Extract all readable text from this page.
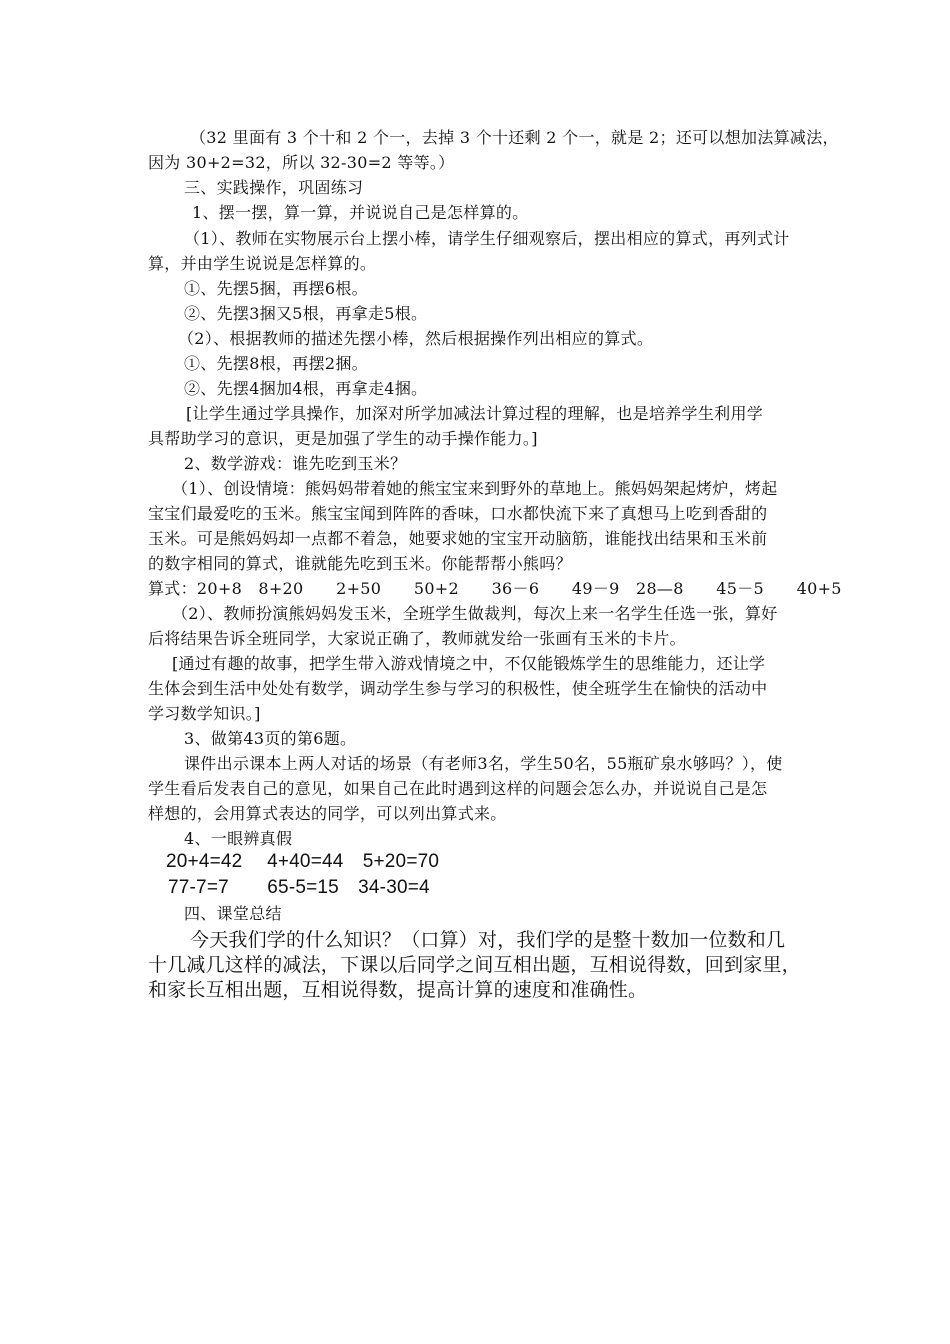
（32 里面有 3 个十和 2 个一，去掉 3 个十还剩 2 个一，就是 2；还可以想加法算减法，
因为 30+2=32，所以 32-30=2 等等。）
三、实践操作，巩固练习
1、摆一摆，算一算，并说说自己是怎样算的。
（1）、教师在实物展示台上摆小棒，请学生仔细观察后，摆出相应的算式，再列式计
算，并由学生说说是怎样算的。
①、先摆5捆，再摆6根。
②、先摆3捆又5根，再拿走5根。
（2）、根据教师的描述先摆小棒，然后根据操作列出相应的算式。
①、先摆8根，再摆2捆。
②、先摆4捆加4根，再拿走4捆。
[让学生通过学具操作，加深对所学加减法计算过程的理解，也是培养学生利用学
具帮助学习的意识，更是加强了学生的动手操作能力。]
2、数学游戏：谁先吃到玉米？
（1）、创设情境：熊妈妈带着她的熊宝宝来到野外的草地上。熊妈妈架起烤炉，烤起
宝宝们最爱吃的玉米。熊宝宝闻到阵阵的香味，口水都快流下来了真想马上吃到香甜的
玉米。可是熊妈妈却一点都不着急，她要求她的宝宝开动脑筋，谁能找出结果和玉米前
的数字相同的算式，谁就能先吃到玉米。你能帮帮小熊吗？
算式：20+8　8+20　　2+50　　50+2　　36－6　　49－9　28—8　　45－5　　40+5
（2）、教师扮演熊妈妈发玉米，全班学生做裁判，每次上来一名学生任选一张，算好
后将结果告诉全班同学，大家说正确了，教师就发给一张画有玉米的卡片。
[通过有趣的故事，把学生带入游戏情境之中，不仅能锻炼学生的思维能力，还让学
生体会到生活中处处有数学，调动学生参与学习的积极性，使全班学生在愉快的活动中
学习数学知识。]
3、做第43页的第6题。
课件出示课本上两人对话的场景（有老师3名，学生50名，55瓶矿泉水够吗？），使
学生看后发表自己的意见，如果自己在此时遇到这样的问题会怎么办，并说说自己是怎
样想的，会用算式表达的同学，可以列出算式来。
4、一眼辨真假
20+4=42　 4+40=44　5+20=70
77-7=7　　65-5=15　34-30=4
四、课堂总结
今天我们学的什么知识？（口算）对，我们学的是整十数加一位数和几
十几减几这样的减法，下课以后同学之间互相出题，互相说得数，回到家里，
和家长互相出题，互相说得数，提高计算的速度和准确性。
